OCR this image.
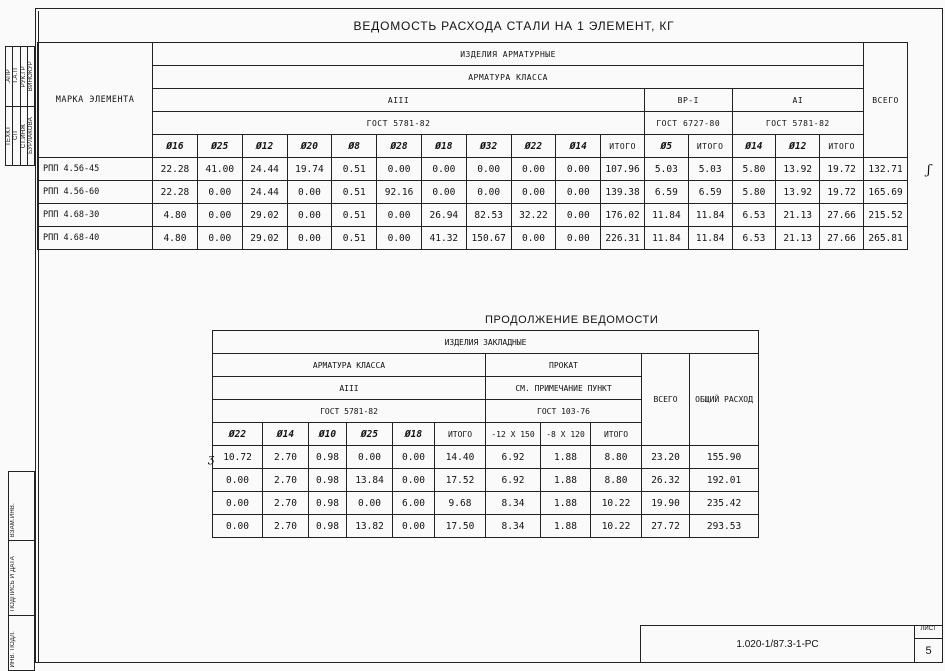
ТЕХКТ
.АПР
СП
Т.А.П
СТ.ИНЖ
РУК.ГР
БУРЛАКОВА
ВИНОКУР
ВЗАМ.ИНВ.
ПОДПИСЬ И ДАТА
ИНВ. ПОДЛ.
ВЕДОМОСТЬ РАСХОДА СТАЛИ НА 1 ЭЛЕМЕНТ, КГ
МАРКА ЭЛЕМЕНТА	ИЗДЕЛИЯ АРМАТУРНЫЕ																ВСЕГО
	АРМАТУРА КЛАССА																
	АIII											ВР-I		АI			
	ГОСТ 5781-82											ГОСТ 6727-80		ГОСТ 5781-82			
	Ø16	Ø25	Ø12	Ø20	Ø8	Ø28	Ø18	Ø32	Ø22	Ø14	ИТОГО	Ø5	ИТОГО	Ø14	Ø12	ИТОГО	
РПП 4.56-45	22.28	41.00	24.44	19.74	0.51	0.00	0.00	0.00	0.00	0.00	107.96	5.03	5.03	5.80	13.92	19.72	132.71
РПП 4.56-60	22.28	0.00	24.44	0.00	0.51	92.16	0.00	0.00	0.00	0.00	139.38	6.59	6.59	5.80	13.92	19.72	165.69
РПП 4.68-30	4.80	0.00	29.02	0.00	0.51	0.00	26.94	82.53	32.22	0.00	176.02	11.84	11.84	6.53	21.13	27.66	215.52
РПП 4.68-40	4.80	0.00	29.02	0.00	0.51	0.00	41.32	150.67	0.00	0.00	226.31	11.84	11.84	6.53	21.13	27.66	265.81
ПРОДОЛЖЕНИЕ ВЕДОМОСТИ
ИЗДЕЛИЯ ЗАКЛАДНЫЕ										
АРМАТУРА КЛАССА						ПРОКАТ			ВСЕГО	ОБЩИЙ РАСХОД
АIII						СМ. ПРИМЕЧАНИЕ ПУНКТ				
ГОСТ 5781-82						ГОСТ 103-76				
Ø22	Ø14	Ø10	Ø25	Ø18	ИТОГО	-12 X 150	-8 X 120	ИТОГО		
10.72	2.70	0.98	0.00	0.00	14.40	6.92	1.88	8.80	23.20	155.90
0.00	2.70	0.98	13.84	0.00	17.52	6.92	1.88	8.80	26.32	192.01
0.00	2.70	0.98	0.00	6.00	9.68	8.34	1.88	10.22	19.90	235.42
0.00	2.70	0.98	13.82	0.00	17.50	8.34	1.88	10.22	27.72	293.53
ʃ
ʒ
1.020-1/87.3-1-РС
ЛИСТ
5
